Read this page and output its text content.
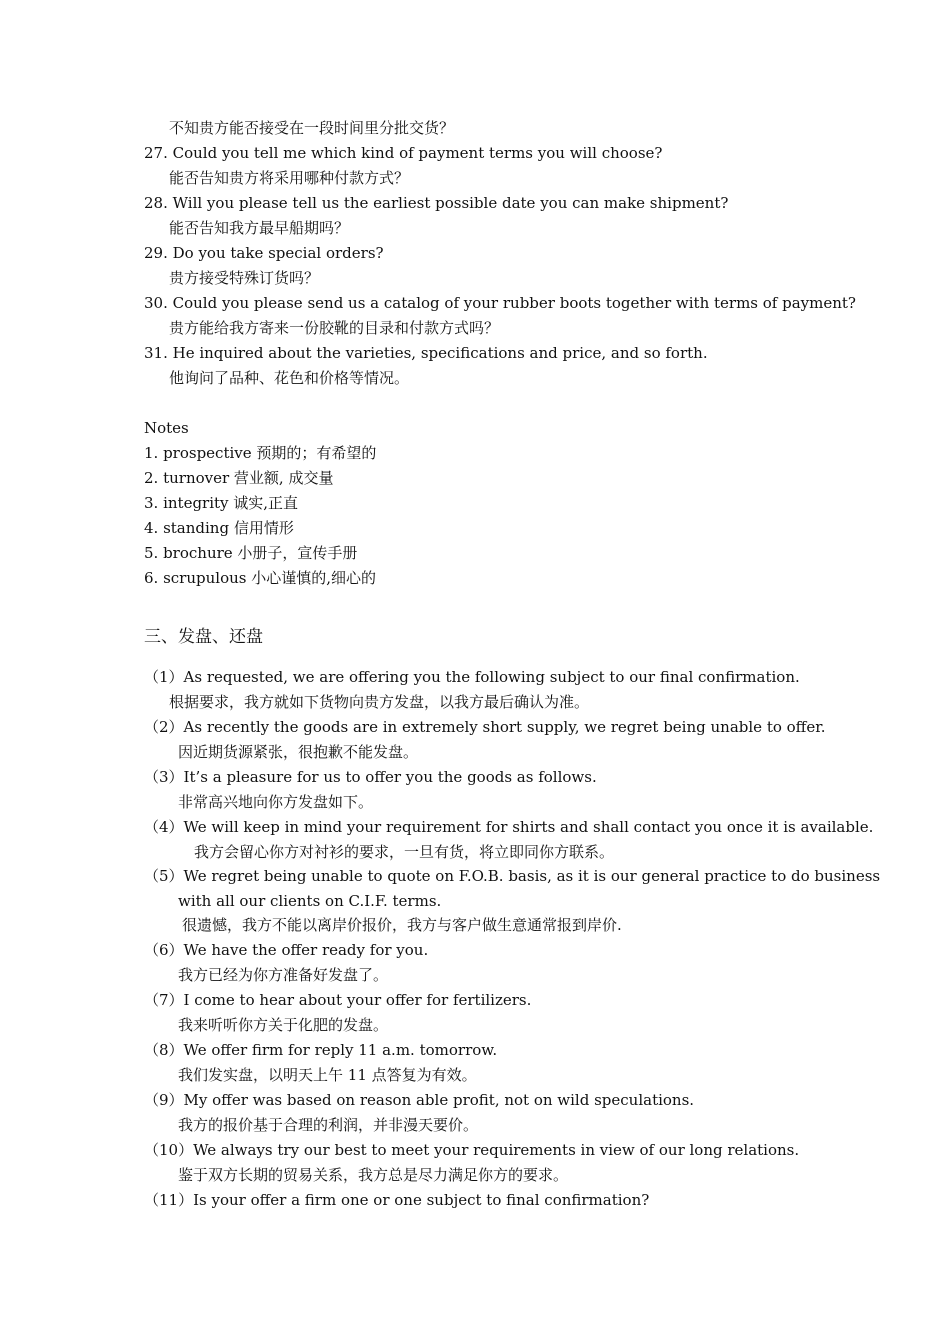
不知贵方能否接受在一段时间里分批交货？
27. Could you tell me which kind of payment terms you will choose?
能否告知贵方将采用哪种付款方式？
28. Will you please tell us the earliest possible date you can make shipment?
能否告知我方最早船期吗？
29. Do you take special orders?
贵方接受特殊订货吗？
30. Could you please send us a catalog of your rubber boots together with terms of payment?
贵方能给我方寄来一份胶靴的目录和付款方式吗？
31. He inquired about the varieties, specifications and price, and so forth.
他询问了品种、花色和价格等情况。
Notes
1. prospective 预期的；有希望的
2. turnover 营业额, 成交量
3. integrity 诚实,正直
4. standing 信用情形
5. brochure 小册子，宣传手册
6. scrupulous 小心谨慎的,细心的
三、发盘、还盘
（1）As requested, we are offering you the following subject to our final confirmation.
根据要求，我方就如下货物向贵方发盘，以我方最后确认为准。
（2）As recently the goods are in extremely short supply, we regret being unable to offer.
因近期货源紧张，很抱歉不能发盘。
（3）It’s a pleasure for us to offer you the goods as follows.
非常高兴地向你方发盘如下。
（4）We will keep in mind your requirement for shirts and shall contact you once it is available.
我方会留心你方对衬衫的要求，一旦有货，将立即同你方联系。
（5）We regret being unable to quote on F.O.B. basis, as it is our general practice to do business
with all our clients on C.I.F. terms.
很遗憾，我方不能以离岸价报价，我方与客户做生意通常报到岸价.
（6）We have the offer ready for you.
我方已经为你方准备好发盘了。
（7）I come to hear about your offer for fertilizers.
我来听听你方关于化肥的发盘。
（8）We offer firm for reply 11 a.m. tomorrow.
我们发实盘，以明天上午 11 点答复为有效。
（9）My offer was based on reason able profit, not on wild speculations.
我方的报价基于合理的利润，并非漫天要价。
（10）We always try our best to meet your requirements in view of our long relations.
鉴于双方长期的贸易关系，我方总是尽力满足你方的要求。
（11）Is your offer a firm one or one subject to final confirmation?
